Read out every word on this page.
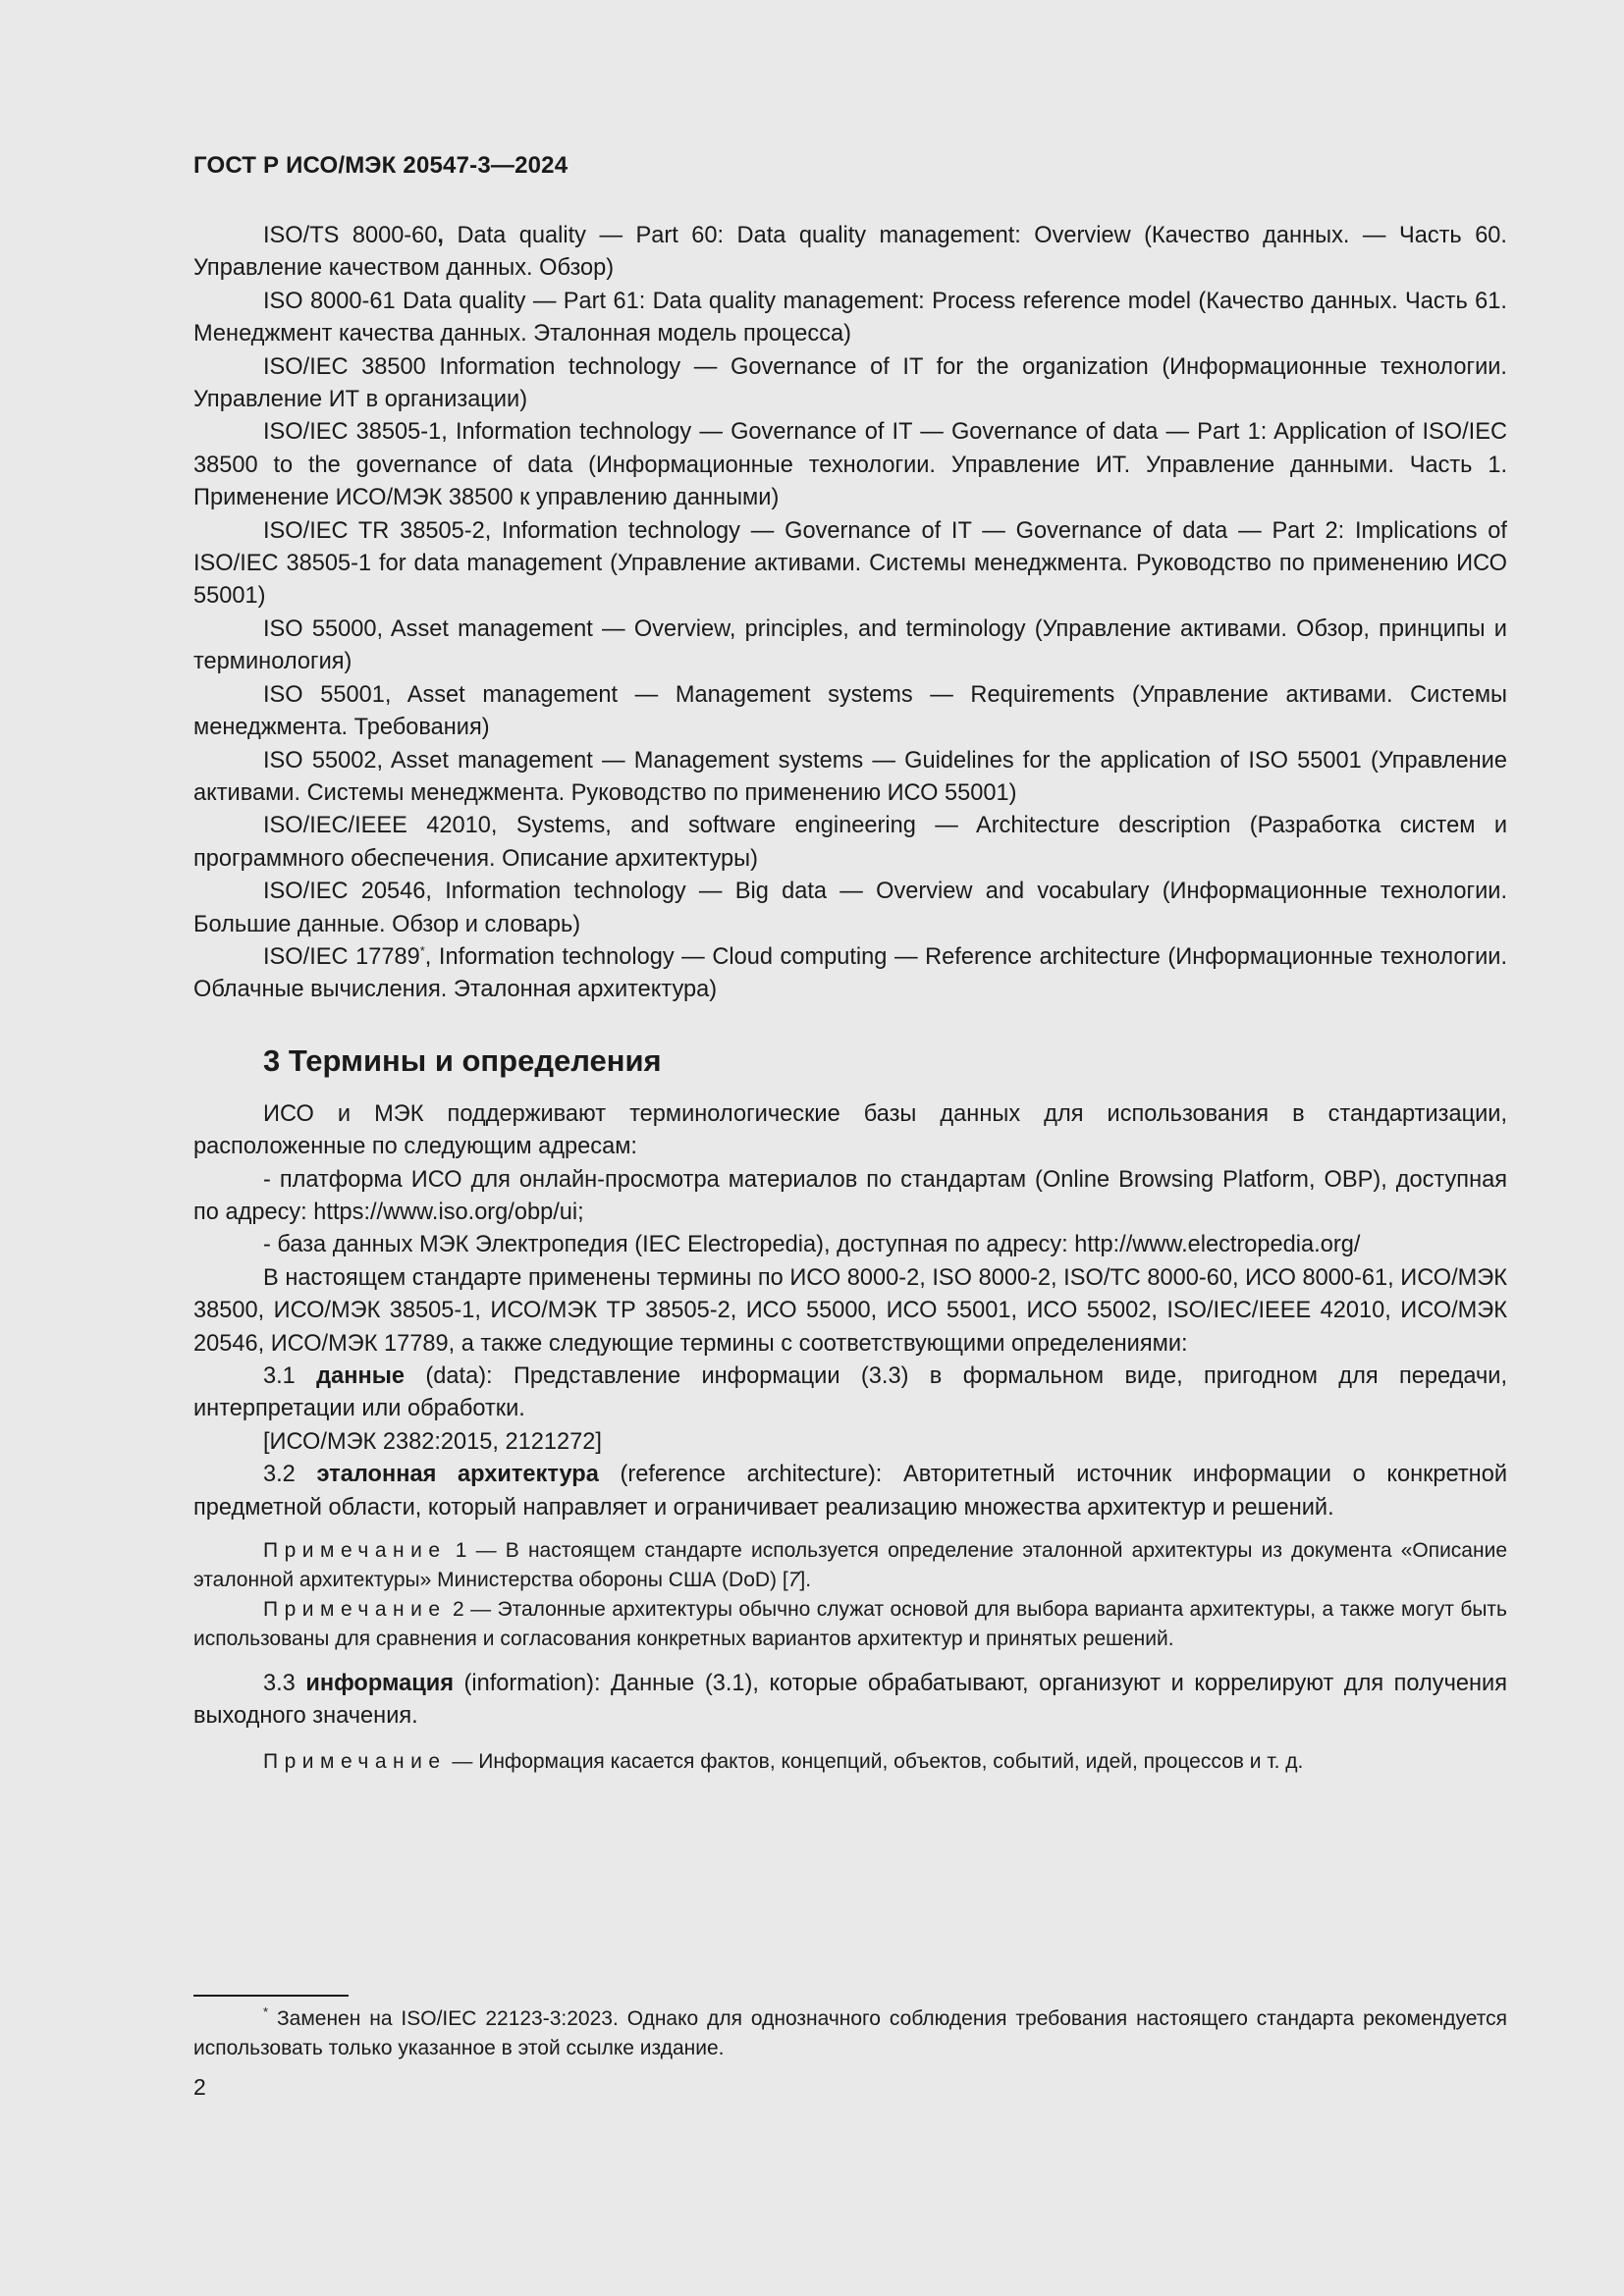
ГОСТ Р ИСО/МЭК 20547-3—2024

ISO/TS 8000-60, Data quality — Part 60: Data quality management: Overview (Качество данных. — Часть 60. Управление качеством данных. Обзор)

ISO 8000-61 Data quality — Part 61: Data quality management: Process reference model (Качество данных. Часть 61. Менеджмент качества данных. Эталонная модель процесса)

ISO/IEC 38500 Information technology — Governance of IT for the organization (Информационные технологии. Управление ИТ в организации)

ISO/IEC 38505-1, Information technology — Governance of IT — Governance of data — Part 1: Application of ISO/IEC 38500 to the governance of data (Информационные технологии. Управление ИТ. Управление данными. Часть 1. Применение ИСО/МЭК 38500 к управлению данными)

ISO/IEC TR 38505-2, Information technology — Governance of IT — Governance of data — Part 2: Implications of ISO/IEC 38505-1 for data management (Управление активами. Системы менеджмента. Руководство по применению ИСО 55001)

ISO 55000, Asset management — Overview, principles, and terminology (Управление активами. Обзор, принципы и терминология)

ISO 55001, Asset management — Management systems — Requirements (Управление активами. Системы менеджмента. Требования)

ISO 55002, Asset management — Management systems — Guidelines for the application of ISO 55001 (Управление активами. Системы менеджмента. Руководство по применению ИСО 55001)

ISO/IEC/IEEE 42010, Systems, and software engineering — Architecture description (Разработка систем и программного обеспечения. Описание архитектуры)

ISO/IEC 20546, Information technology — Big data — Overview and vocabulary (Информационные технологии. Большие данные. Обзор и словарь)

ISO/IEC 17789*, Information technology — Cloud computing — Reference architecture (Информационные технологии. Облачные вычисления. Эталонная архитектура)

3 Термины и определения

ИСО и МЭК поддерживают терминологические базы данных для использования в стандартизации, расположенные по следующим адресам:

- платформа ИСО для онлайн-просмотра материалов по стандартам (Online Browsing Platform, OBP), доступная по адресу: https://www.iso.org/obp/ui;

- база данных МЭК Электропедия (IEC Electropedia), доступная по адресу: http://www.electropedia.org/

В настоящем стандарте применены термины по ИСО 8000-2, ISO 8000-2, ISO/TC 8000-60, ИСО 8000-61, ИСО/МЭК 38500, ИСО/МЭК 38505-1, ИСО/МЭК ТР 38505-2, ИСО 55000, ИСО 55001, ИСО 55002, ISO/IEC/IEEE 42010, ИСО/МЭК 20546, ИСО/МЭК 17789, а также следующие термины с соответствующими определениями:

3.1 данные (data): Представление информации (3.3) в формальном виде, пригодном для передачи, интерпретации или обработки.

[ИСО/МЭК 2382:2015, 2121272]

3.2 эталонная архитектура (reference architecture): Авторитетный источник информации о конкретной предметной области, который направляет и ограничивает реализацию множества архитектур и решений.

Примечание 1 — В настоящем стандарте используется определение эталонной архитектуры из документа «Описание эталонной архитектуры» Министерства обороны США (DoD) [7].

Примечание 2 — Эталонные архитектуры обычно служат основой для выбора варианта архитектуры, а также могут быть использованы для сравнения и согласования конкретных вариантов архитектур и принятых решений.

3.3 информация (information): Данные (3.1), которые обрабатывают, организуют и коррелируют для получения выходного значения.

Примечание — Информация касается фактов, концепций, объектов, событий, идей, процессов и т. д.

* Заменен на ISO/IEC 22123-3:2023. Однако для однозначного соблюдения требования настоящего стандарта рекомендуется использовать только указанное в этой ссылке издание.

2
